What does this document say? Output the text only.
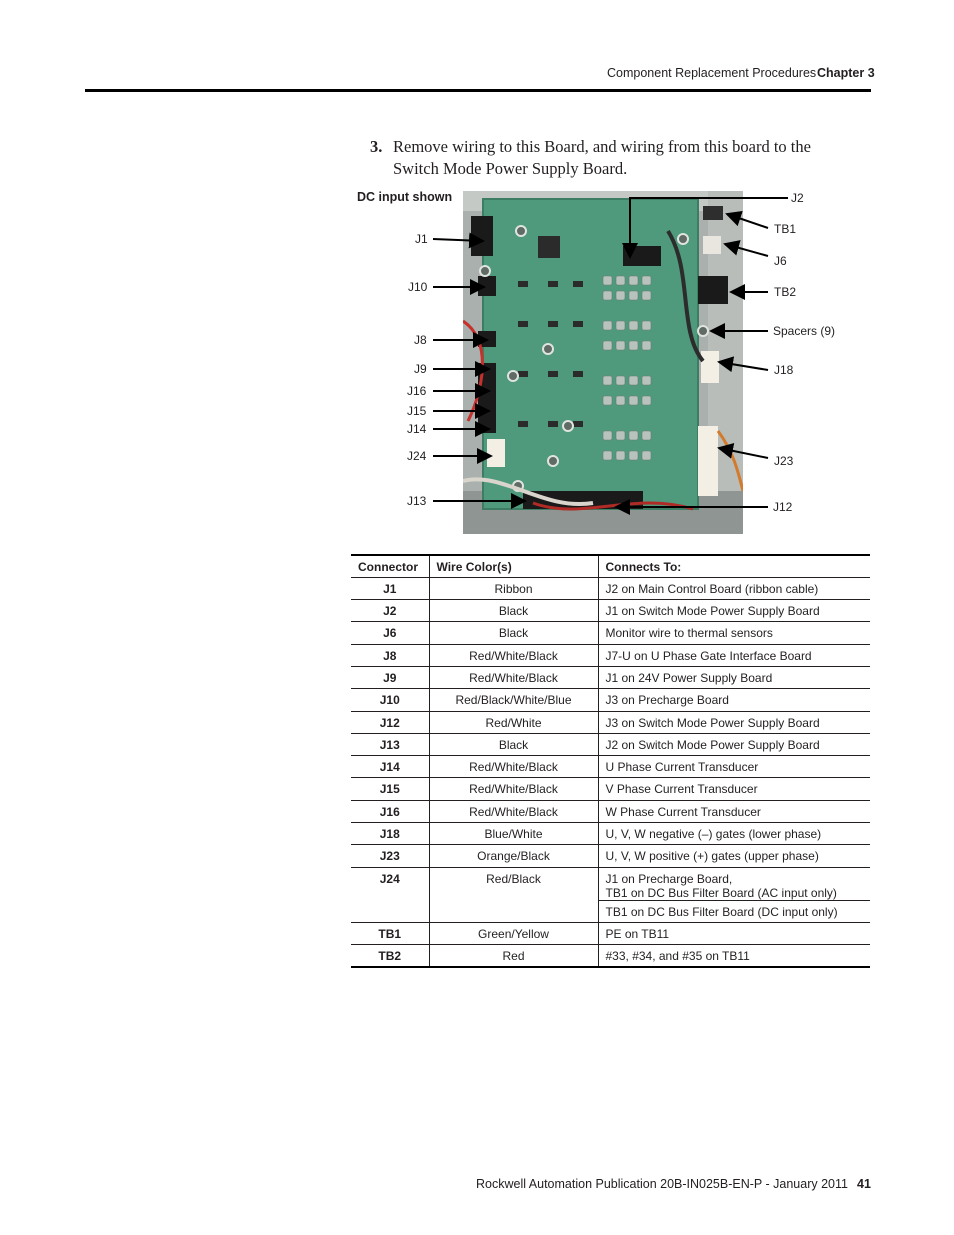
Component Replacement Procedures Chapter 3
3. Remove wiring to this Board, and wiring from this board to the Switch Mode Power Supply Board.
DC input shown
J1
J10
J8
J9
J16
J15
J14
J24
J13
J2
TB1
J6
TB2
Spacers (9)
J18
J23
J12
Connector	Wire Color(s)	Connects To:
J1	Ribbon	J2 on Main Control Board (ribbon cable)
J2	Black	J1 on Switch Mode Power Supply Board
J6	Black	Monitor wire to thermal sensors
J8	Red/White/Black	J7-U on U Phase Gate Interface Board
J9	Red/White/Black	J1 on 24V Power Supply Board
J10	Red/Black/White/Blue	J3 on Precharge Board
J12	Red/White	J3 on Switch Mode Power Supply Board
J13	Black	J2 on Switch Mode Power Supply Board
J14	Red/White/Black	U Phase Current Transducer
J15	Red/White/Black	V Phase Current Transducer
J16	Red/White/Black	W Phase Current Transducer
J18	Blue/White	U, V, W negative (–) gates (lower phase)
J23	Orange/Black	U, V, W positive (+) gates (upper phase)
J24	Red/Black	J1 on Precharge Board,
TB1 on DC Bus Filter Board (AC input only)

		TB1 on DC Bus Filter Board (DC input only)
TB1	Green/Yellow	PE on TB11
TB2	Red	#33, #34, and #35 on TB11
Rockwell Automation Publication 20B-IN025B-EN-P - January 2011 41
